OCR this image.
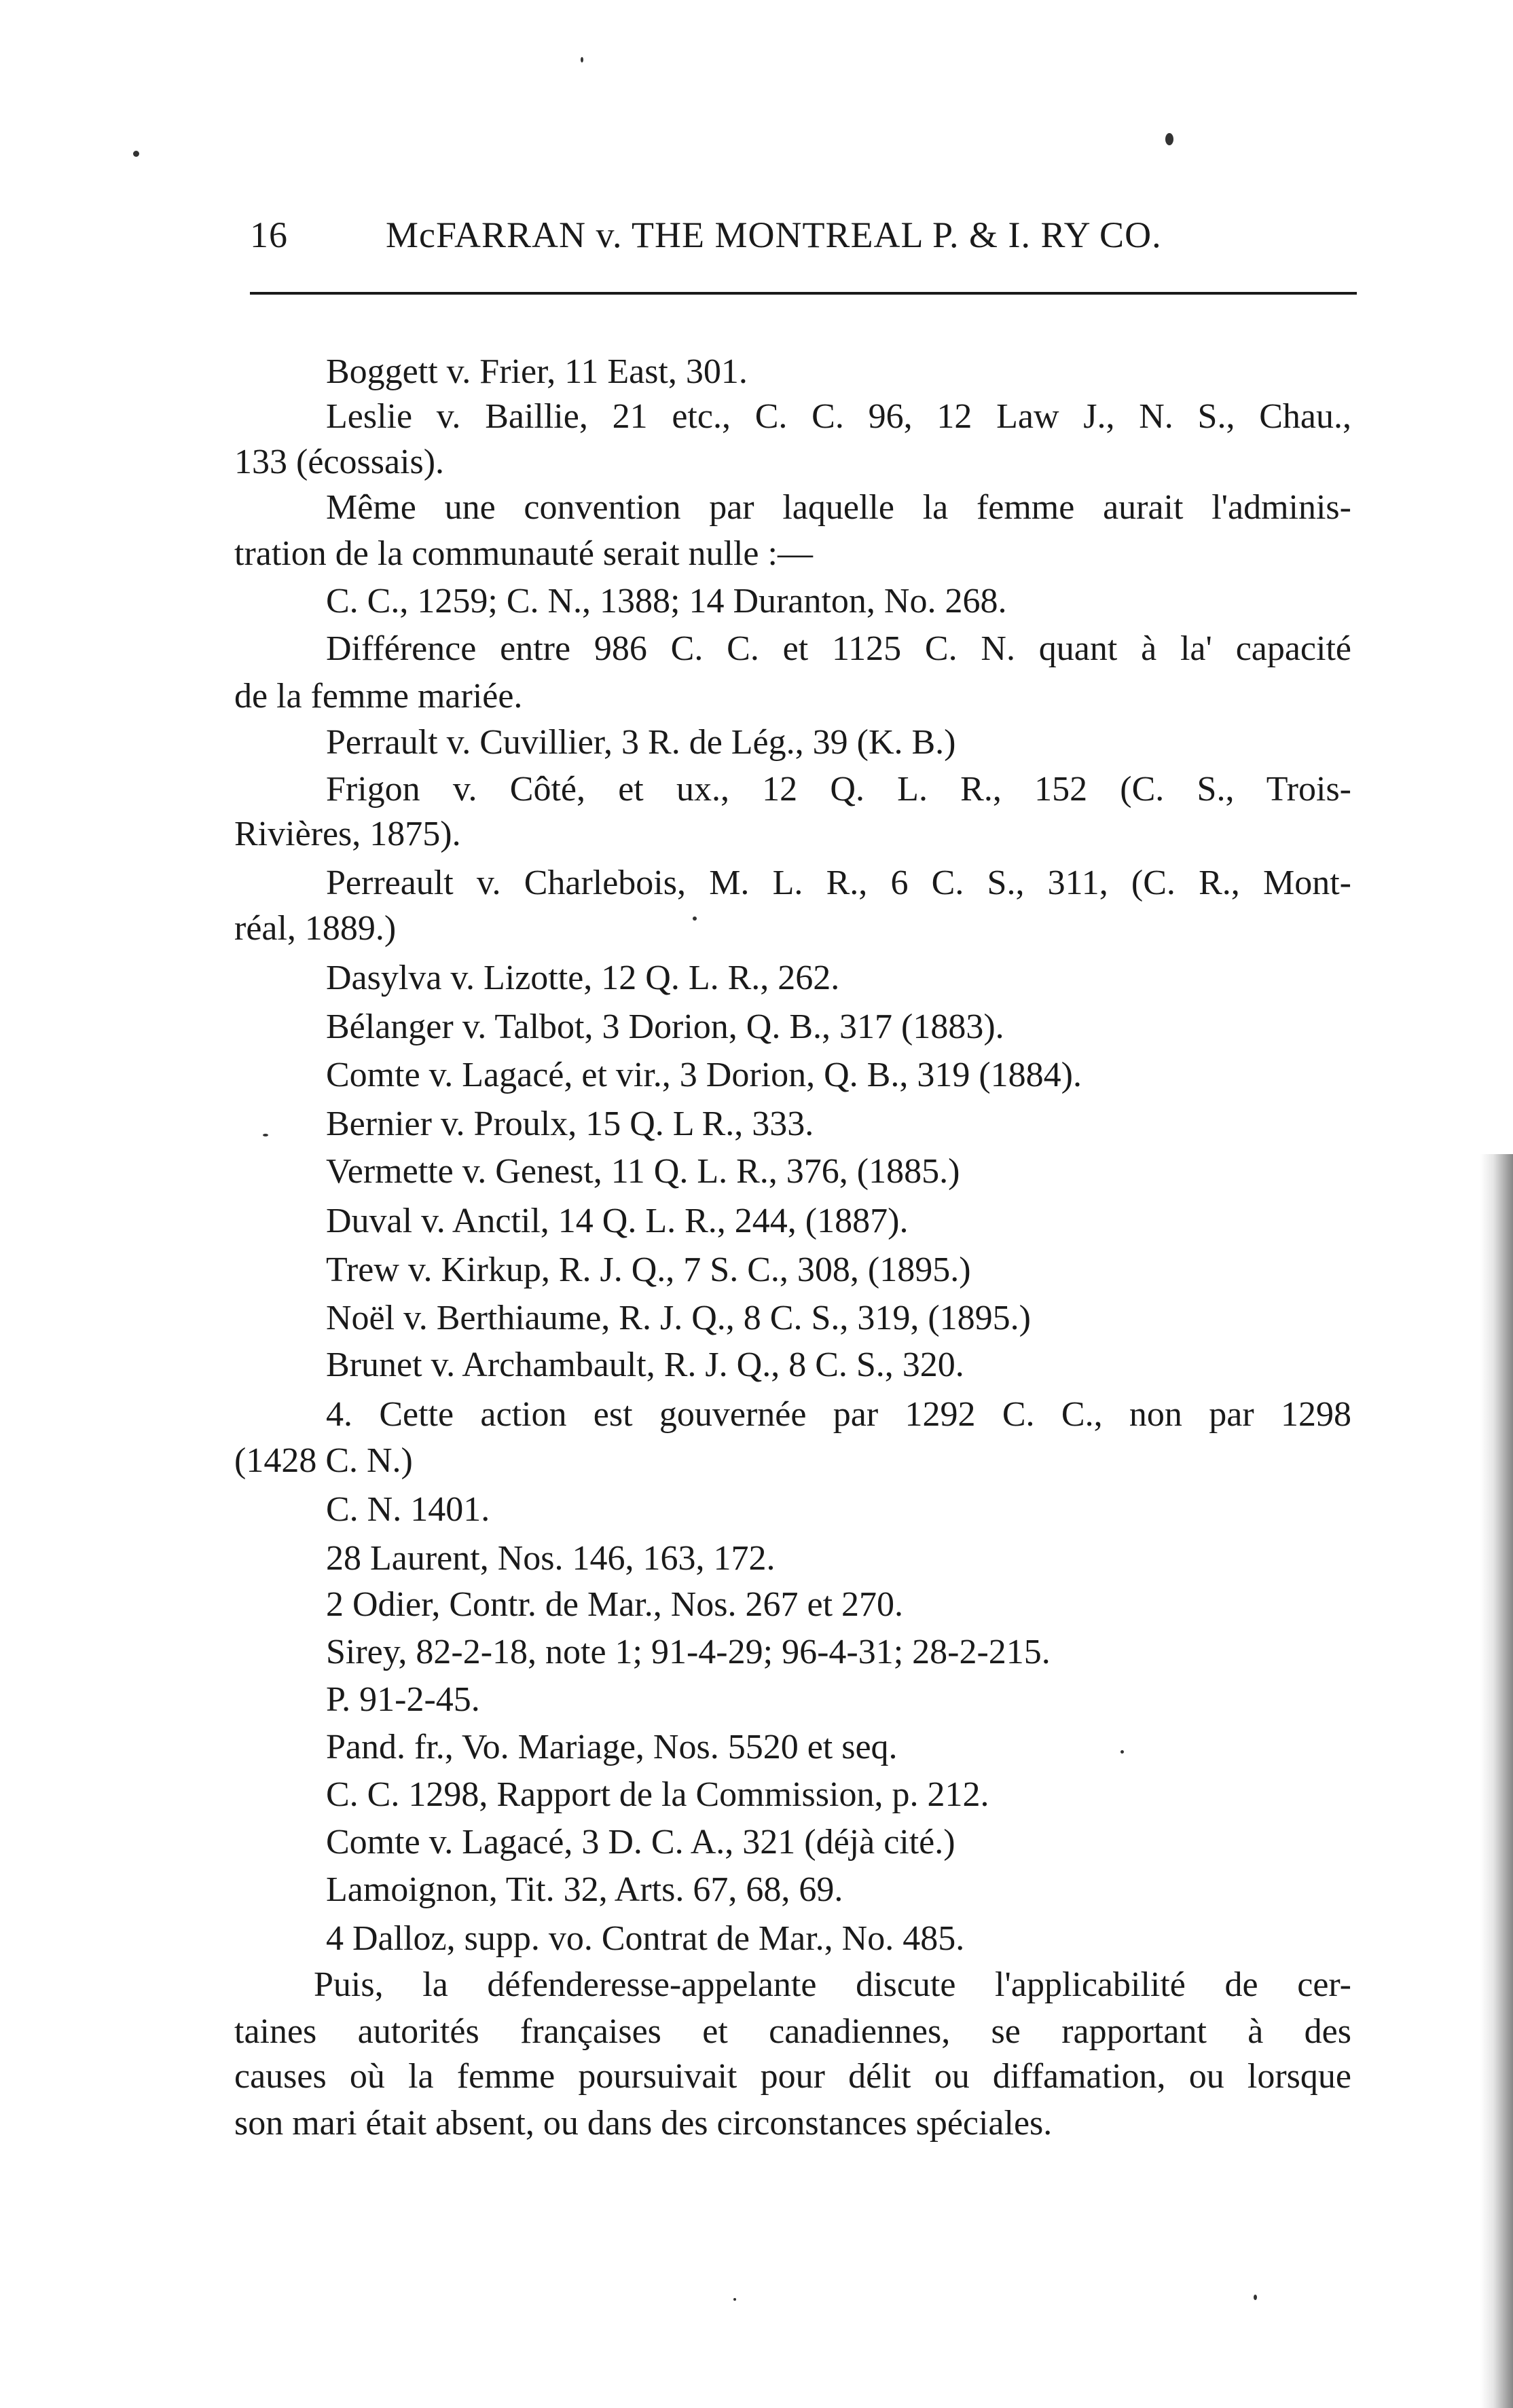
16	McFARRAN v. THE MONTREAL P. & I. RY CO.
Boggett v. Frier, 11 East, 301.
Leslie v. Baillie, 21 etc., C. C. 96, 12 Law J., N. S., Chau.,
133 (écossais).
Même une convention par laquelle la femme aurait l'adminis-
tration de la communauté serait nulle :—
C. C., 1259; C. N., 1388; 14 Duranton, No. 268.
Différence entre 986 C. C. et 1125 C. N. quant à la' capacité
de la femme mariée.
Perrault v. Cuvillier, 3 R. de Lég., 39 (K. B.)
Frigon v. Côté, et ux., 12 Q. L. R., 152 (C. S., Trois-
Rivières, 1875).
Perreault v. Charlebois, M. L. R., 6 C. S., 311, (C. R., Mont-
réal, 1889.)
Dasylva v. Lizotte, 12 Q. L. R., 262.
Bélanger v. Talbot, 3 Dorion, Q. B., 317 (1883).
Comte v. Lagacé, et vir., 3 Dorion, Q. B., 319 (1884).
Bernier v. Proulx, 15 Q. L R., 333.
Vermette v. Genest, 11 Q. L. R., 376, (1885.)
Duval v. Anctil, 14 Q. L. R., 244, (1887).
Trew v. Kirkup, R. J. Q., 7 S. C., 308, (1895.)
Noël v. Berthiaume, R. J. Q., 8 C. S., 319, (1895.)
Brunet v. Archambault, R. J. Q., 8 C. S., 320.
4. Cette action est gouvernée par 1292 C. C., non par 1298
(1428 C. N.)
C. N. 1401.
28 Laurent, Nos. 146, 163, 172.
2 Odier, Contr. de Mar., Nos. 267 et 270.
Sirey, 82-2-18, note 1; 91-4-29; 96-4-31; 28-2-215.
P. 91-2-45.
Pand. fr., Vo. Mariage, Nos. 5520 et seq.
C. C. 1298, Rapport de la Commission, p. 212.
Comte v. Lagacé, 3 D. C. A., 321 (déjà cité.)
Lamoignon, Tit. 32, Arts. 67, 68, 69.
4 Dalloz, supp. vo. Contrat de Mar., No. 485.
Puis, la défenderesse-appelante discute l'applicabilité de cer-
taines autorités françaises et canadiennes, se rapportant à des
causes où la femme poursuivait pour délit ou diffamation, ou lorsque
son mari était absent, ou dans des circonstances spéciales.
